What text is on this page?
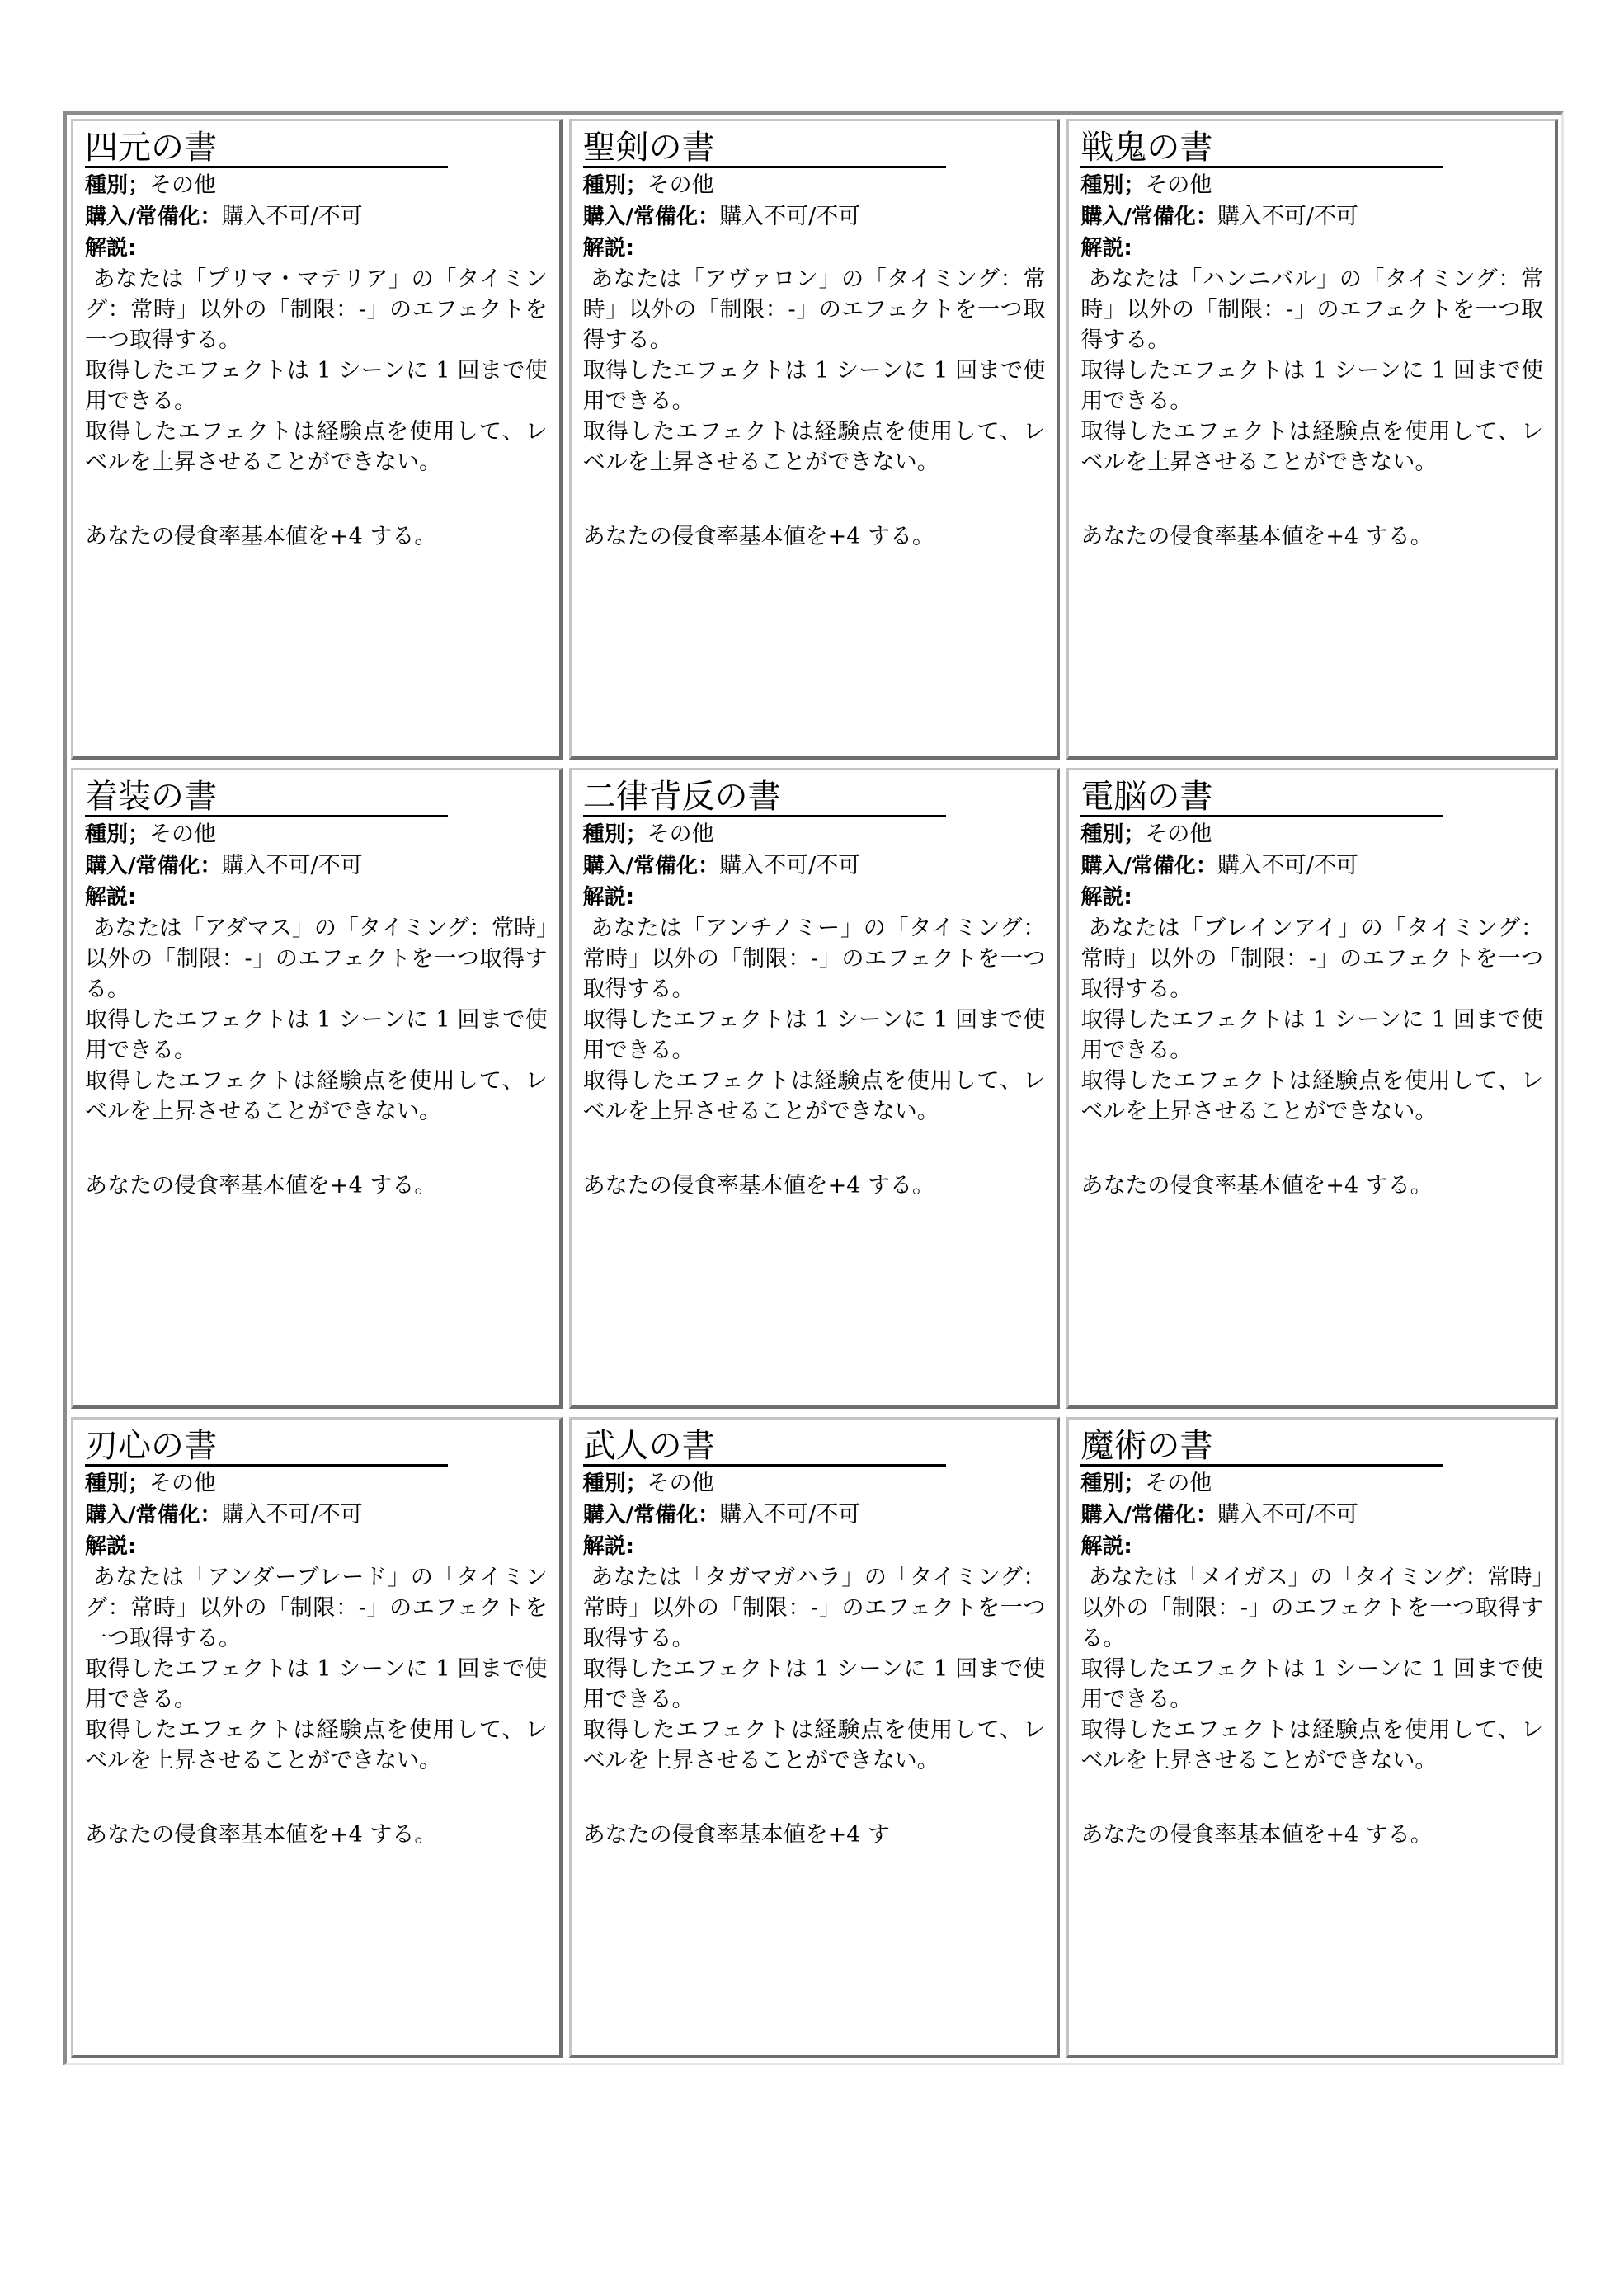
四元の書

種別；その他

購入/常備化：購入不可/不可

解説:

あなたは「プリマ・マテリア」の「タイミング：常時」以外の「制限：-」のエフェクトを一つ取得する。

取得したエフェクトは 1 シーンに 1 回まで使用できる。

取得したエフェクトは経験点を使用して、レベルを上昇させることができない。

あなたの侵食率基本値を+4 する。

聖剣の書

種別；その他

購入/常備化：購入不可/不可

解説:

あなたは「アヴァロン」の「タイミング：常時」以外の「制限：-」のエフェクトを一つ取得する。

取得したエフェクトは 1 シーンに 1 回まで使用できる。

取得したエフェクトは経験点を使用して、レベルを上昇させることができない。

あなたの侵食率基本値を+4 する。

戦鬼の書

種別；その他

購入/常備化：購入不可/不可

解説:

あなたは「ハンニバル」の「タイミング：常時」以外の「制限：-」のエフェクトを一つ取得する。

取得したエフェクトは 1 シーンに 1 回まで使用できる。

取得したエフェクトは経験点を使用して、レベルを上昇させることができない。

あなたの侵食率基本値を+4 する。

着装の書

種別；その他

購入/常備化：購入不可/不可

解説:

あなたは「アダマス」の「タイミング：常時」以外の「制限：-」のエフェクトを一つ取得する。

取得したエフェクトは 1 シーンに 1 回まで使用できる。

取得したエフェクトは経験点を使用して、レベルを上昇させることができない。

あなたの侵食率基本値を+4 する。

二律背反の書

種別；その他

購入/常備化：購入不可/不可

解説:

あなたは「アンチノミー」の「タイミング：常時」以外の「制限：-」のエフェクトを一つ取得する。

取得したエフェクトは 1 シーンに 1 回まで使用できる。

取得したエフェクトは経験点を使用して、レベルを上昇させることができない。

あなたの侵食率基本値を+4 する。

電脳の書

種別；その他

購入/常備化：購入不可/不可

解説:

あなたは「ブレインアイ」の「タイミング：常時」以外の「制限：-」のエフェクトを一つ取得する。

取得したエフェクトは 1 シーンに 1 回まで使用できる。

取得したエフェクトは経験点を使用して、レベルを上昇させることができない。

あなたの侵食率基本値を+4 する。

刃心の書

種別；その他

購入/常備化：購入不可/不可

解説:

あなたは「アンダーブレード」の「タイミング：常時」以外の「制限：-」のエフェクトを一つ取得する。

取得したエフェクトは 1 シーンに 1 回まで使用できる。

取得したエフェクトは経験点を使用して、レベルを上昇させることができない。

あなたの侵食率基本値を+4 する。

武人の書

種別；その他

購入/常備化：購入不可/不可

解説:

あなたは「タガマガハラ」の「タイミング：常時」以外の「制限：-」のエフェクトを一つ取得する。

取得したエフェクトは 1 シーンに 1 回まで使用できる。

取得したエフェクトは経験点を使用して、レベルを上昇させることができない。

あなたの侵食率基本値を+4 す

魔術の書

種別；その他

購入/常備化：購入不可/不可

解説:

あなたは「メイガス」の「タイミング：常時」以外の「制限：-」のエフェクトを一つ取得する。

取得したエフェクトは 1 シーンに 1 回まで使用できる。

取得したエフェクトは経験点を使用して、レベルを上昇させることができない。

あなたの侵食率基本値を+4 する。
